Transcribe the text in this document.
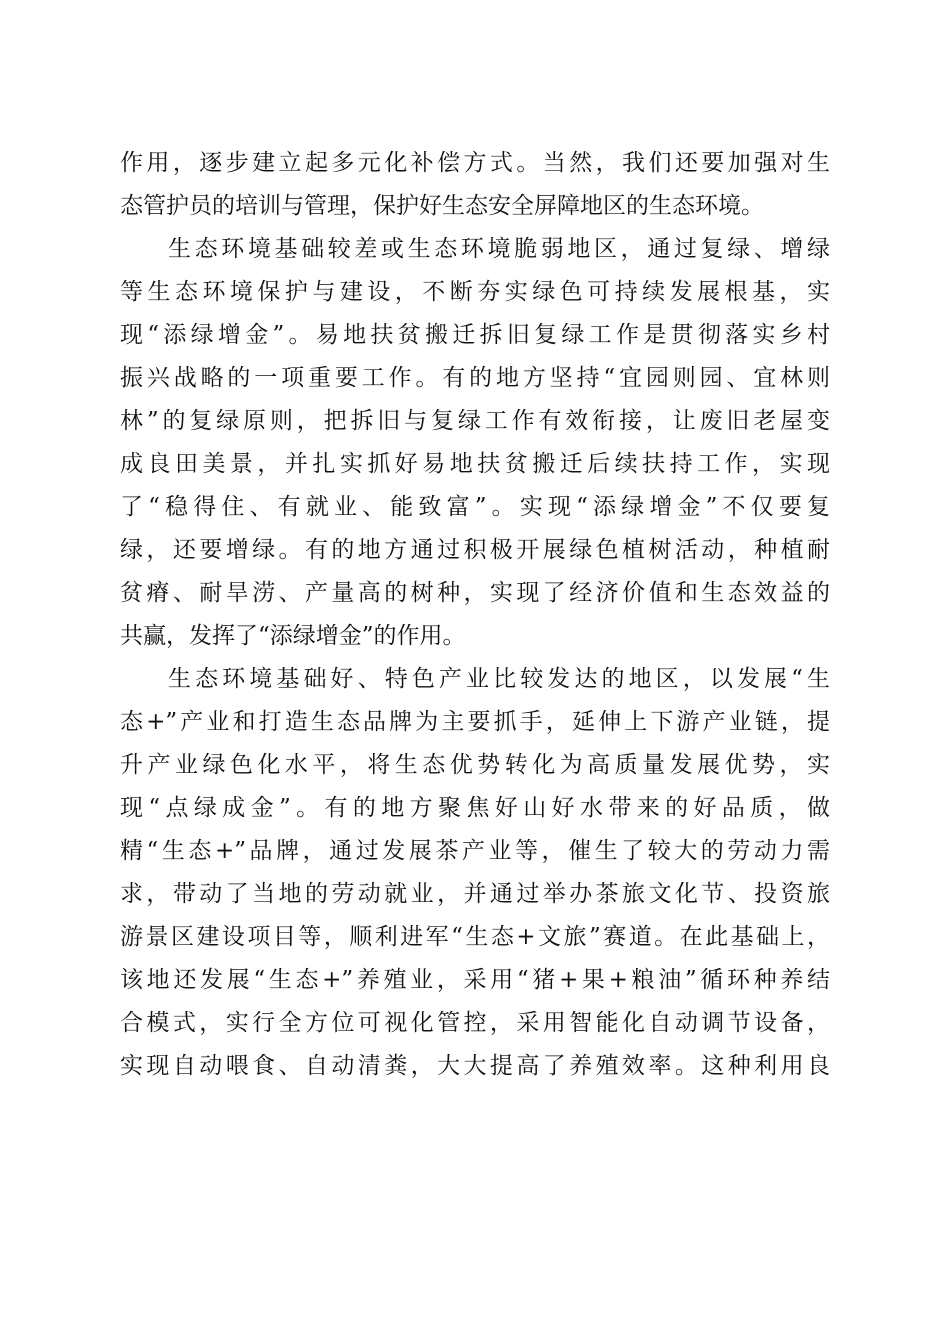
作用，逐步建立起多元化补偿方式。当然，我们还要加强对生
态管护员的培训与管理，保护好生态安全屏障地区的生态环境。
生态环境基础较差或生态环境脆弱地区，通过复绿、增绿
等生态环境保护与建设，不断夯实绿色可持续发展根基，实
现“添绿增金”。易地扶贫搬迁拆旧复绿工作是贯彻落实乡村
振兴战略的一项重要工作。有的地方坚持“宜园则园、宜林则
林”的复绿原则，把拆旧与复绿工作有效衔接，让废旧老屋变
成良田美景，并扎实抓好易地扶贫搬迁后续扶持工作，实现
了“稳得住、有就业、能致富”。实现“添绿增金”不仅要复
绿，还要增绿。有的地方通过积极开展绿色植树活动，种植耐
贫瘠、耐旱涝、产量高的树种，实现了经济价值和生态效益的
共赢，发挥了“添绿增金”的作用。
生态环境基础好、特色产业比较发达的地区，以发展“生
态+”产业和打造生态品牌为主要抓手，延伸上下游产业链，提
升产业绿色化水平，将生态优势转化为高质量发展优势，实
现“点绿成金”。有的地方聚焦好山好水带来的好品质，做
精“生态+”品牌，通过发展茶产业等，催生了较大的劳动力需
求，带动了当地的劳动就业，并通过举办茶旅文化节、投资旅
游景区建设项目等，顺利进军“生态+文旅”赛道。在此基础上，
该地还发展“生态+”养殖业，采用“猪+果+粮油”循环种养结
合模式，实行全方位可视化管控，采用智能化自动调节设备，
实现自动喂食、自动清粪，大大提高了养殖效率。这种利用良
